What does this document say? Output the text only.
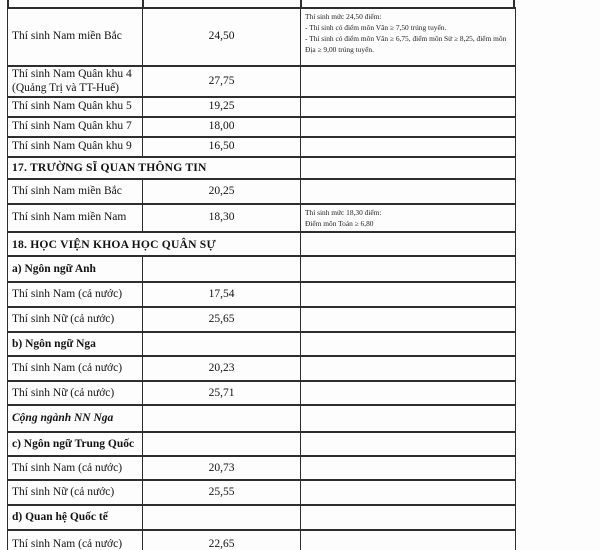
Thí sinh Nam miền Bắc	24,50	Thí sinh mức 24,50 điểm:
- Thí sinh có điểm môn Văn ≥ 7,50 trúng tuyển.
- Thí sinh có điểm môn Văn ≥ 6,75, điểm môn Sử ≥ 8,25, điểm môn Địa ≥ 9,00 trúng tuyển.

Thí sinh Nam Quân khu 4
(Quảng Trị và TT-Huế)	27,75	
Thí sinh Nam Quân khu 5	19,25	
Thí sinh Nam Quân khu 7	18,00	
Thí sinh Nam Quân khu 9	16,50	
17. TRƯỜNG SĨ QUAN THÔNG TIN		
Thí sinh Nam miền Bắc	20,25	
Thí sinh Nam miền Nam	18,30	Thí sinh mức 18,30 điểm:
Điểm môn Toán ≥ 6,80

18. HỌC VIỆN KHOA HỌC QUÂN SỰ		
a) Ngôn ngữ Anh		
Thí sinh Nam (cả nước)	17,54	
Thí sinh Nữ (cả nước)	25,65	
b) Ngôn ngữ Nga		
Thí sinh Nam (cả nước)	20,23	
Thí sinh Nữ (cả nước)	25,71	
Cộng ngành NN Nga		
c) Ngôn ngữ Trung Quốc		
Thí sinh Nam (cả nước)	20,73	
Thí sinh Nữ (cả nước)	25,55	
d) Quan hệ Quốc tế		
Thí sinh Nam (cả nước)	22,65	
